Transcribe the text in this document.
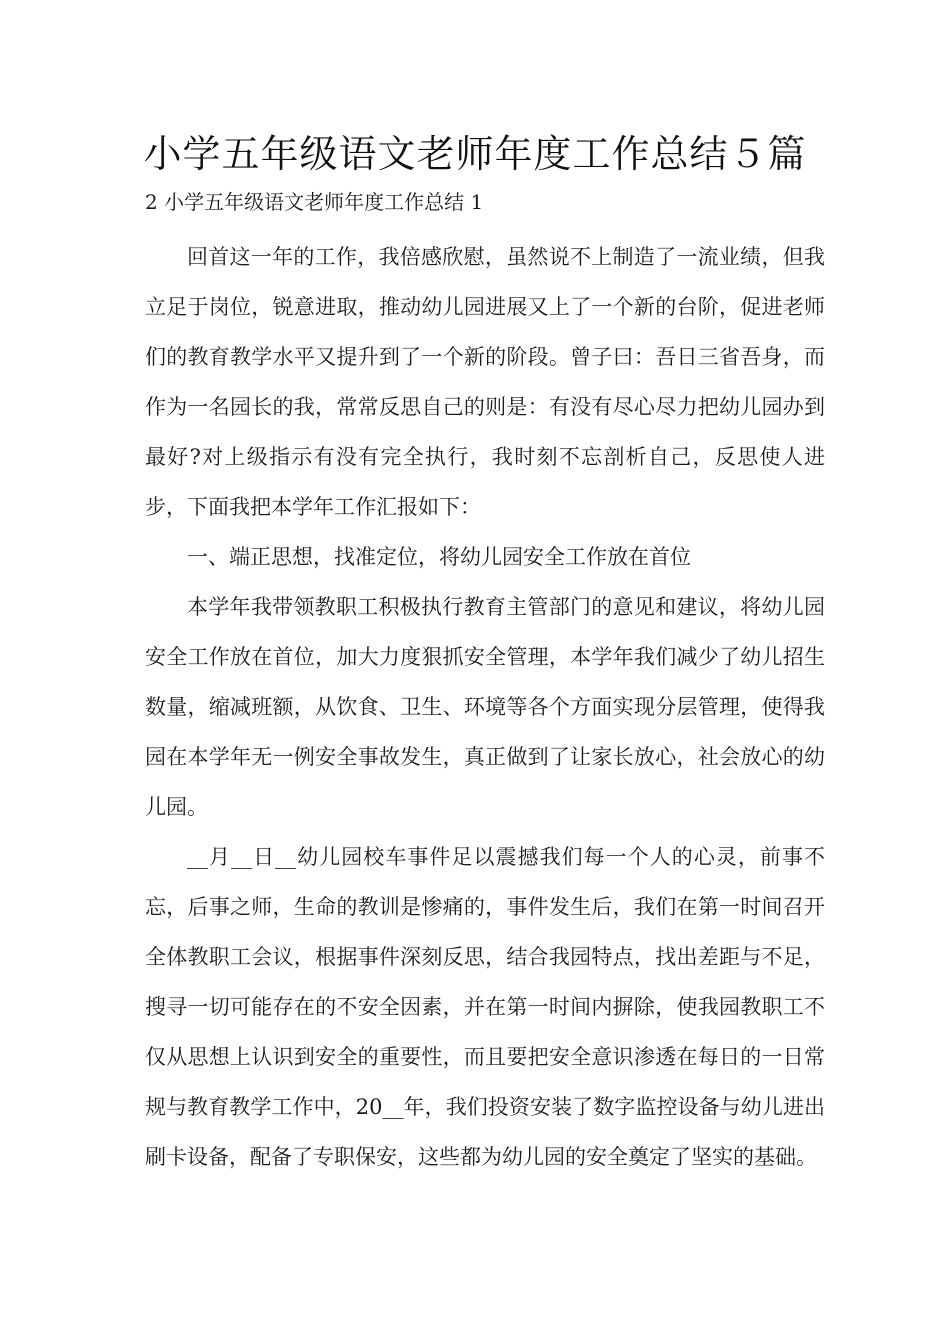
小学五年级语文老师年度工作总结５篇

2 小学五年级语文老师年度工作总结 1

回首这一年的工作，我倍感欣慰，虽然说不上制造了一流业绩，但我立足于岗位，锐意进取，推动幼儿园进展又上了一个新的台阶，促进老师们的教育教学水平又提升到了一个新的阶段。曾子曰：吾日三省吾身，而作为一名园长的我，常常反思自己的则是：有没有尽心尽力把幼儿园办到最好?对上级指示有没有完全执行，我时刻不忘剖析自己，反思使人进步，下面我把本学年工作汇报如下：

一、端正思想，找准定位，将幼儿园安全工作放在首位

本学年我带领教职工积极执行教育主管部门的意见和建议，将幼儿园安全工作放在首位，加大力度狠抓安全管理，本学年我们减少了幼儿招生数量，缩减班额，从饮食、卫生、环境等各个方面实现分层管理，使得我园在本学年无一例安全事故发生，真正做到了让家长放心，社会放心的幼儿园。

__月__日__幼儿园校车事件足以震撼我们每一个人的心灵，前事不忘，后事之师，生命的教训是惨痛的，事件发生后，我们在第一时间召开全体教职工会议，根据事件深刻反思，结合我园特点，找出差距与不足，搜寻一切可能存在的不安全因素，并在第一时间内摒除，使我园教职工不仅从思想上认识到安全的重要性，而且要把安全意识渗透在每日的一日常规与教育教学工作中，20__年，我们投资安装了数字监控设备与幼儿进出刷卡设备，配备了专职保安，这些都为幼儿园的安全奠定了坚实的基础。
